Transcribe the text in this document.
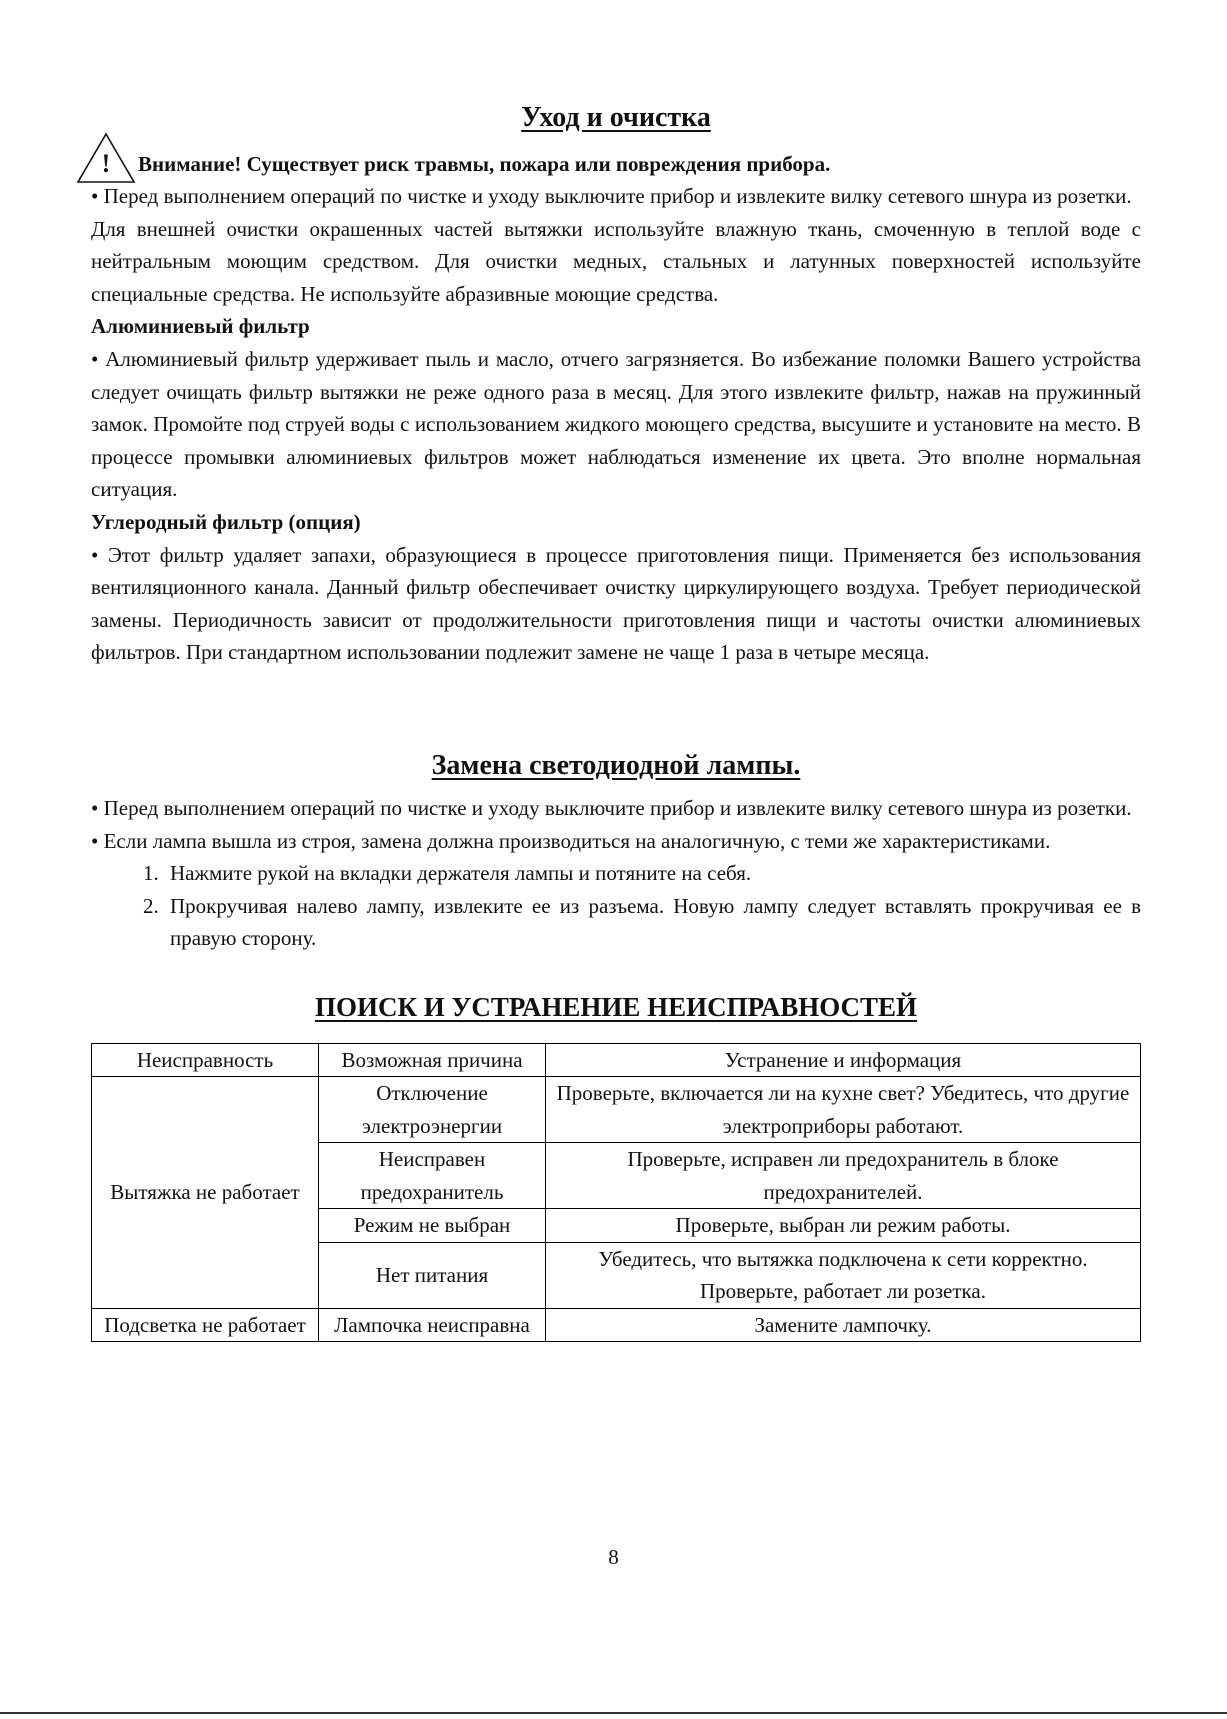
Уход и очистка
! Внимание! Существует риск травмы, пожара или повреждения прибора.

• Перед выполнением операций по чистке и уходу выключите прибор и извлеките вилку сетевого шнура из розетки.

Для внешней очистки окрашенных частей вытяжки используйте влажную ткань, смоченную в теплой воде с нейтральным моющим средством. Для очистки медных, стальных и латунных поверхностей используйте специальные средства. Не используйте абразивные моющие средства.

Алюминиевый фильтр

• Алюминиевый фильтр удерживает пыль и масло, отчего загрязняется. Во избежание поломки Вашего устройства следует очищать фильтр вытяжки не реже одного раза в месяц. Для этого извлеките фильтр, нажав на пружинный замок. Промойте под струей воды с использованием жидкого моющего средства, высушите и установите на место. В процессе промывки алюминиевых фильтров может наблюдаться изменение их цвета. Это вполне нормальная ситуация.

Углеродный фильтр (опция)

• Этот фильтр удаляет запахи, образующиеся в процессе приготовления пищи. Применяется без использования вентиляционного канала. Данный фильтр обеспечивает очистку циркулирующего воздуха. Требует периодической замены. Периодичность зависит от продолжительности приготовления пищи и частоты очистки алюминиевых фильтров. При стандартном использовании подлежит замене не чаще 1 раза в четыре месяца.

Замена светодиодной лампы.

• Перед выполнением операций по чистке и уходу выключите прибор и извлеките вилку сетевого шнура из розетки.

• Если лампа вышла из строя, замена должна производиться на аналогичную, с теми же характеристиками.

1. Нажмите рукой на вкладки держателя лампы и потяните на себя.
2. Прокручивая налево лампу, извлеките ее из разъема. Новую лампу следует вставлять прокручивая ее в правую сторону.
ПОИСК И УСТРАНЕНИЕ НЕИСПРАВНОСТЕЙ
Неисправность	Возможная причина	Устранение и информация
Вытяжка не работает	Отключение электроэнергии	Проверьте, включается ли на кухне свет? Убедитесь, что другие электроприборы работают.
	Неисправен предохранитель	Проверьте, исправен ли предохранитель в блоке предохранителей.
	Режим не выбран	Проверьте, выбран ли режим работы.
	Нет питания	Убедитесь, что вытяжка подключена к сети корректно. Проверьте, работает ли розетка.
Подсветка не работает	Лампочка неисправна	Замените лампочку.
8
